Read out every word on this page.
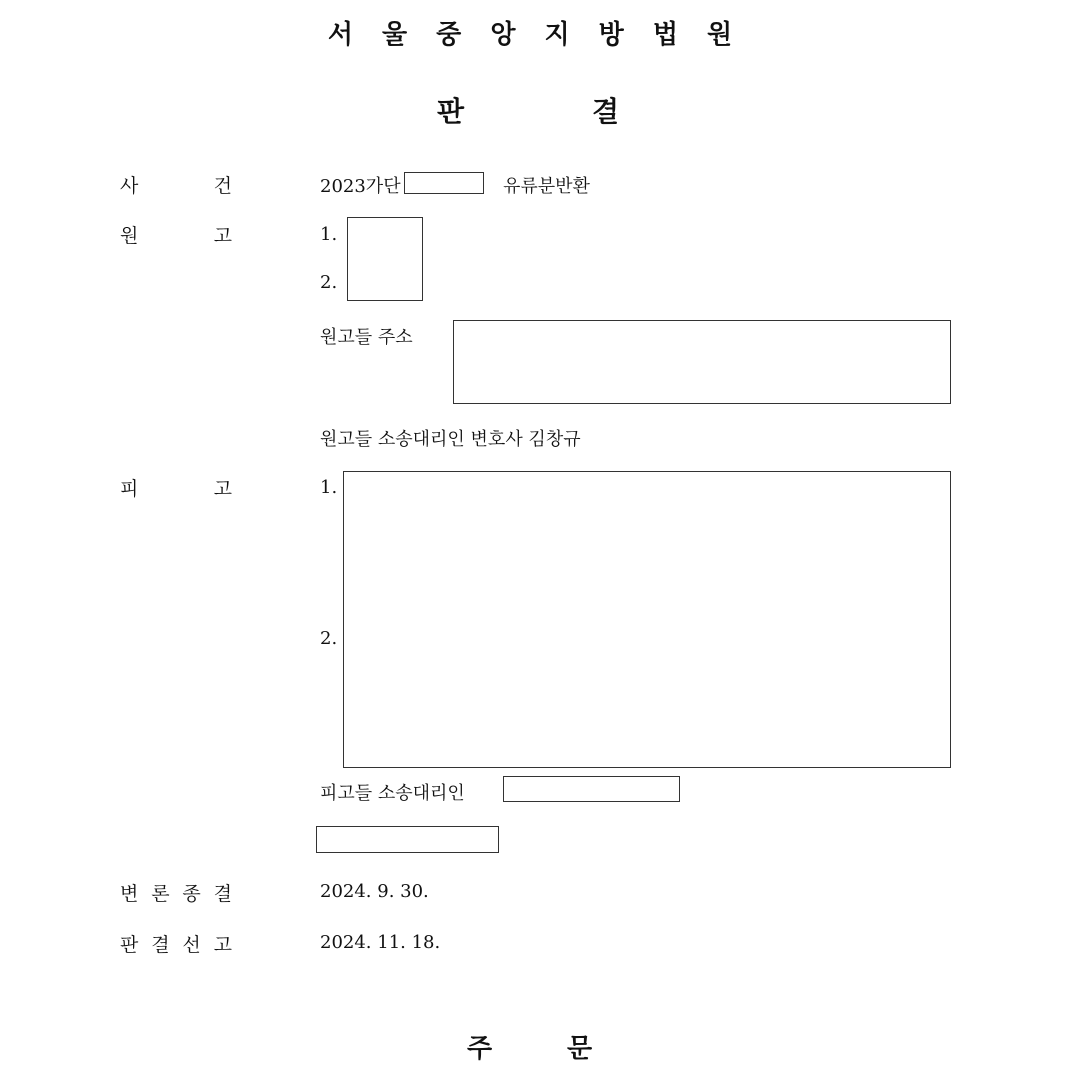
서 울 중 앙 지 방 법 원
판	결
사	건	2023가단	유류분반환
원	고	1.
2.
원고들 주소
원고들 소송대리인 변호사 김창규
피	고	1.
2.
피고들 소송대리인
변 론 종 결	2024. 9. 30.
판 결 선 고	2024. 11. 18.
주	문
